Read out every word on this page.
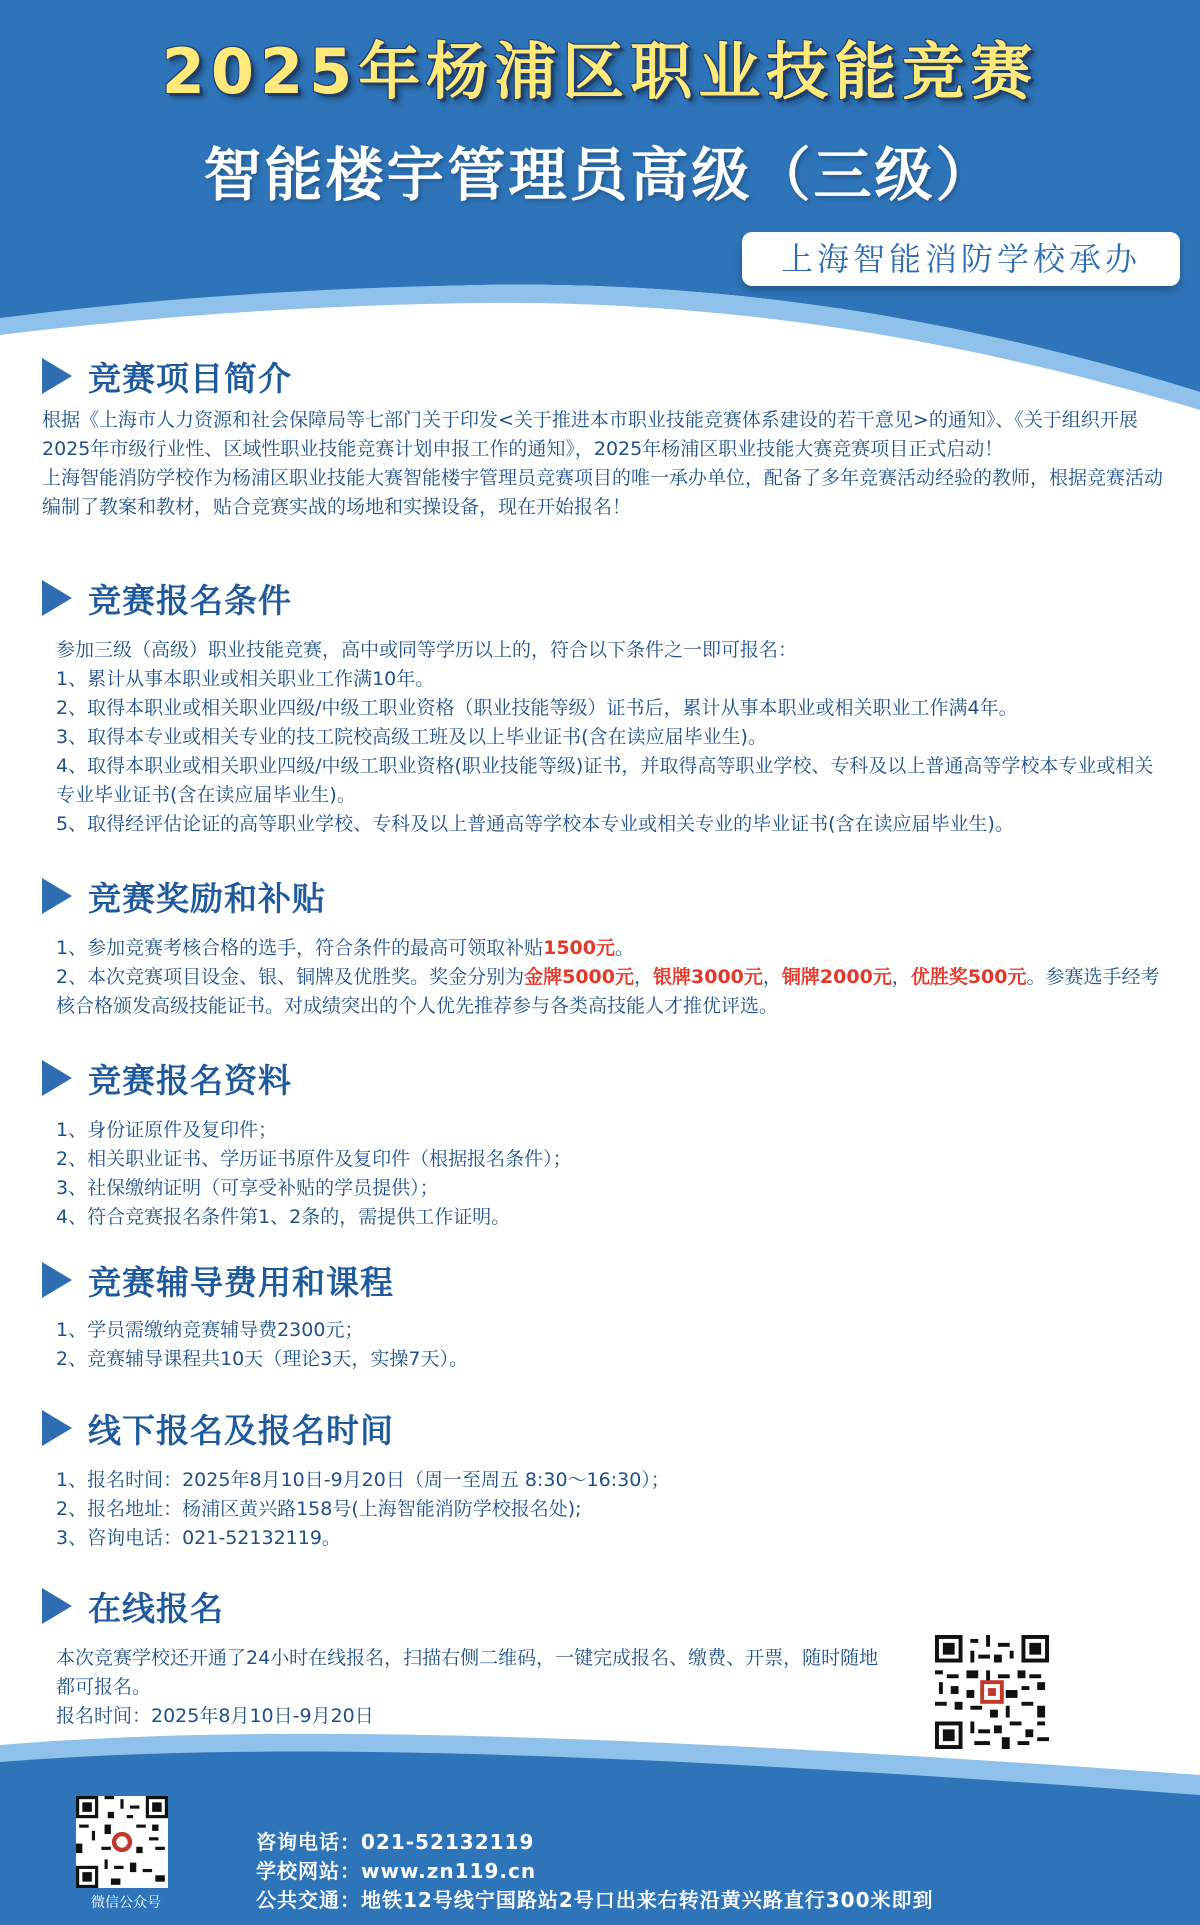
2025年杨浦区职业技能竞赛
智能楼宇管理员高级（三级）
上海智能消防学校承办
竞赛项目简介

根据《上海市人力资源和社会保障局等七部门关于印发<关于推进本市职业技能竞赛体系建设的若干意见>的通知》、《关于组织开展2025年市级行业性、区域性职业技能竞赛计划申报工作的通知》，2025年杨浦区职业技能大赛竞赛项目正式启动！

上海智能消防学校作为杨浦区职业技能大赛智能楼宇管理员竞赛项目的唯一承办单位，配备了多年竞赛活动经验的教师，根据竞赛活动编制了教案和教材，贴合竞赛实战的场地和实操设备，现在开始报名！

竞赛报名条件

参加三级（高级）职业技能竞赛，高中或同等学历以上的，符合以下条件之一即可报名：

1、累计从事本职业或相关职业工作满10年。

2、取得本职业或相关职业四级/中级工职业资格（职业技能等级）证书后，累计从事本职业或相关职业工作满4年。

3、取得本专业或相关专业的技工院校高级工班及以上毕业证书(含在读应届毕业生)。

4、取得本职业或相关职业四级/中级工职业资格(职业技能等级)证书，并取得高等职业学校、专科及以上普通高等学校本专业或相关专业毕业证书(含在读应届毕业生)。

5、取得经评估论证的高等职业学校、专科及以上普通高等学校本专业或相关专业的毕业证书(含在读应届毕业生)。

竞赛奖励和补贴

1、参加竞赛考核合格的选手，符合条件的最高可领取补贴1500元。

2、本次竞赛项目设金、银、铜牌及优胜奖。奖金分别为金牌5000元，银牌3000元，铜牌2000元，优胜奖500元。参赛选手经考核合格颁发高级技能证书。对成绩突出的个人优先推荐参与各类高技能人才推优评选。

竞赛报名资料

1、身份证原件及复印件；

2、相关职业证书、学历证书原件及复印件（根据报名条件）；

3、社保缴纳证明（可享受补贴的学员提供）；

4、符合竞赛报名条件第1、2条的，需提供工作证明。

竞赛辅导费用和课程

1、学员需缴纳竞赛辅导费2300元；

2、竞赛辅导课程共10天（理论3天，实操7天）。

线下报名及报名时间

1、报名时间：2025年8月10日-9月20日（周一至周五 8:30～16:30）；

2、报名地址：杨浦区黄兴路158号(上海智能消防学校报名处);

3、咨询电话：021-52132119。

在线报名

本次竞赛学校还开通了24小时在线报名，扫描右侧二维码，一键完成报名、缴费、开票，随时随地都可报名。

报名时间：2025年8月10日-9月20日

微信公众号
咨询电话：021-52132119
学校网站：www.zn119.cn
公共交通：地铁12号线宁国路站2号口出来右转沿黄兴路直行300米即到
